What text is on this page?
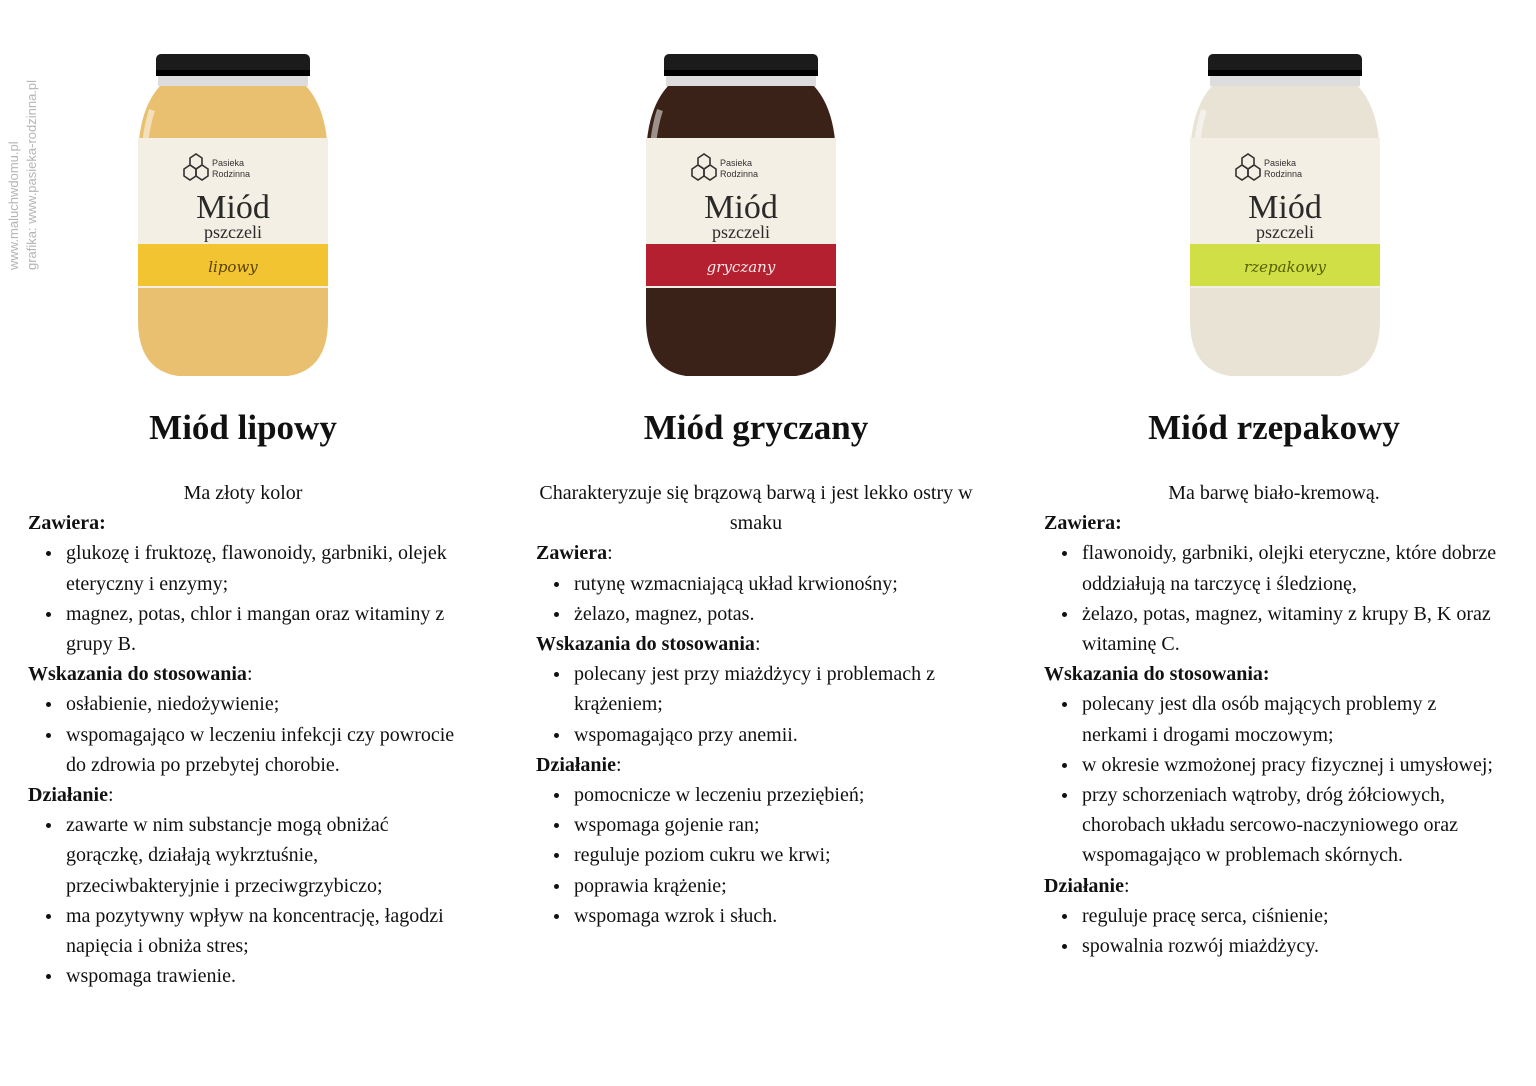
www.maluchwdomu.pl grafika: www.pasieka-rodzinna.pl	Pasieka
Rodzinna
Miód
pszczeli
lipowy
Miód lipowy

Ma złoty kolor

Zawiera:

glukozę i fruktozę, flawonoidy, garbniki, olejek eteryczny i enzymy;
magnez, potas, chlor i mangan oraz witaminy z grupy B.

Wskazania do stosowania:

osłabienie, niedożywienie;
wspomagająco w leczeniu infekcji czy powrocie do zdrowia po przebytej chorobie.

Działanie:

zawarte w nim substancje mogą obniżać gorączkę, działają wykrztuśnie, przeciwbakteryjnie i przeciwgrzybiczo;
ma pozytywny wpływ na koncentrację, łagodzi napięcia i obniża stres;
wspomaga trawienie.
Pasieka
Rodzinna
Miód
pszczeli
gryczany
Miód gryczany

Charakteryzuje się brązową barwą i jest lekko ostry w smaku

Zawiera:

rutynę wzmacniającą układ krwionośny;
żelazo, magnez, potas.

Wskazania do stosowania:

polecany jest przy miażdżycy i problemach z krążeniem;
wspomagająco przy anemii.

Działanie:

pomocnicze w leczeniu przeziębień;
wspomaga gojenie ran;
reguluje poziom cukru we krwi;
poprawia krążenie;
wspomaga wzrok i słuch.
Pasieka
Rodzinna
Miód
pszczeli
rzepakowy
Miód rzepakowy

Ma barwę biało-kremową.

Zawiera:

flawonoidy, garbniki, olejki eteryczne, które dobrze oddziałują na tarczycę i śledzionę,
żelazo, potas, magnez, witaminy z krupy B, K oraz witaminę C.

Wskazania do stosowania:

polecany jest dla osób mających problemy z nerkami i drogami moczowym;
w okresie wzmożonej pracy fizycznej i umysłowej;
przy schorzeniach wątroby, dróg żółciowych, chorobach układu sercowo-naczyniowego oraz wspomagająco w problemach skórnych.

Działanie:

reguluje pracę serca, ciśnienie;
spowalnia rozwój miażdżycy.
